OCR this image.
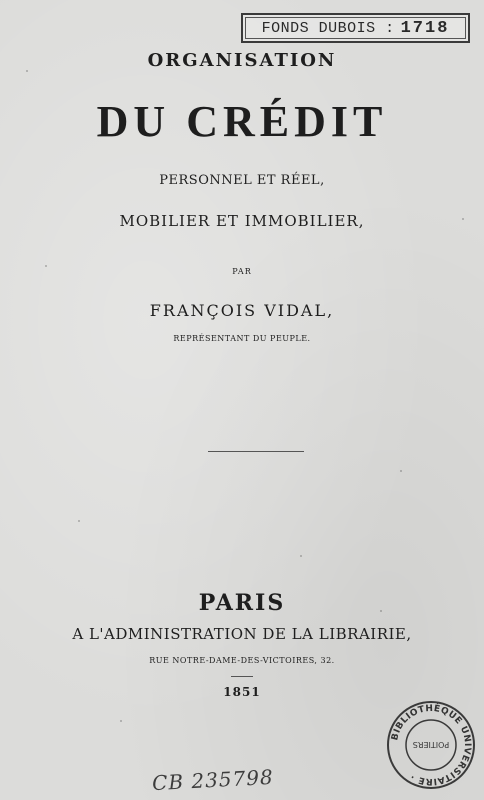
FONDS DUBOIS : 1718
ORGANISATION
DU CRÉDIT
PERSONNEL ET RÉEL,
MOBILIER ET IMMOBILIER,
PAR
FRANÇOIS VIDAL,
REPRÉSENTANT DU PEUPLE.
PARIS
A L'ADMINISTRATION DE LA LIBRAIRIE,
RUE NOTRE-DAME-DES-VICTOIRES, 32.
1851
CB 235798
BIBLIOTHÈQUE UNIVERSITAIRE ·
POITIERS
